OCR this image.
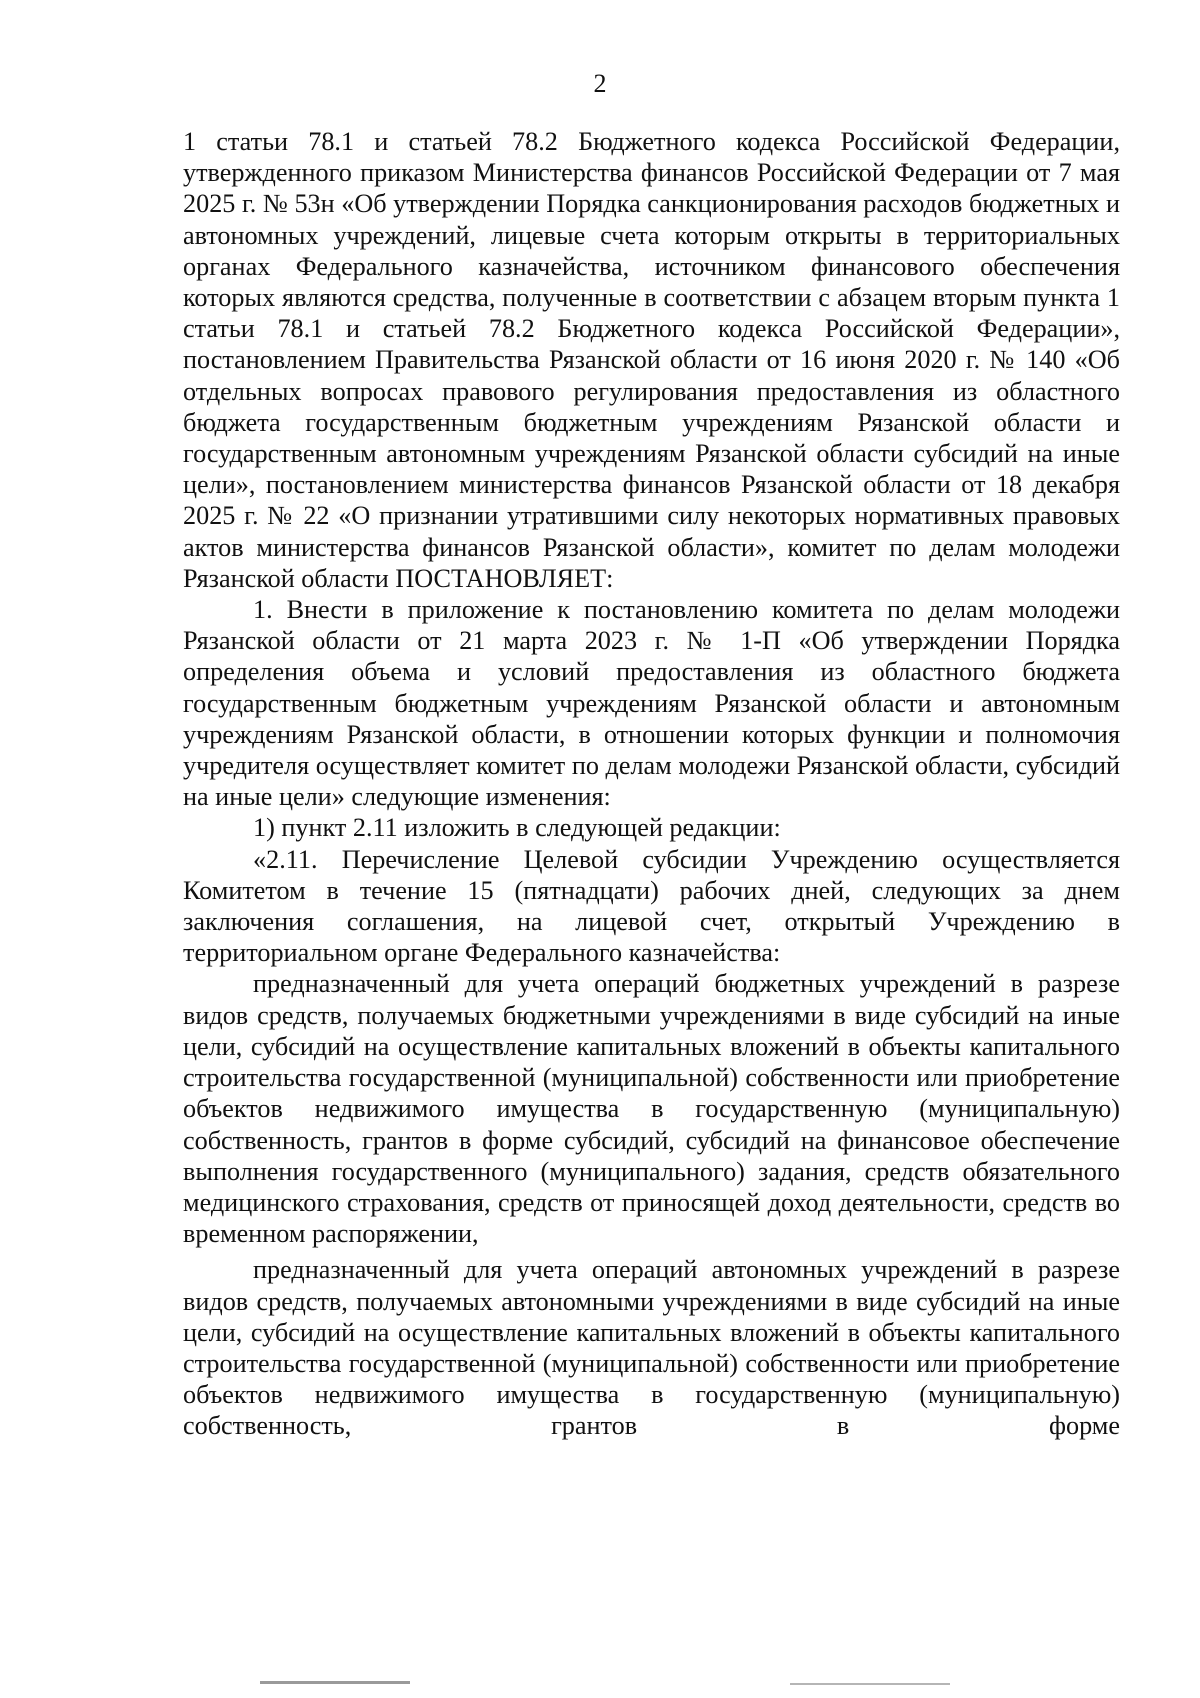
2

1 статьи 78.1 и статьей 78.2 Бюджетного кодекса Российской Федерации, утвержденного приказом Министерства финансов Российской Федерации от 7 мая 2025 г. № 53н «Об утверждении Порядка санкционирования расходов бюджетных и автономных учреждений, лицевые счета которым открыты в территориальных органах Федерального казначейства, источником финансового обеспечения которых являются средства, полученные в соответствии с абзацем вторым пункта 1 статьи 78.1 и статьей 78.2 Бюджетного кодекса Российской Федерации», постановлением Правительства Рязанской области от 16 июня 2020 г. № 140 «Об отдельных вопросах правового регулирования предоставления из областного бюджета государственным бюджетным учреждениям Рязанской области и государственным автономным учреждениям Рязанской области субсидий на иные цели», постановлением министерства финансов Рязанской области от 18 декабря 2025 г. № 22 «О признании утратившими силу некоторых нормативных правовых актов министерства финансов Рязанской области», комитет по делам молодежи Рязанской области ПОСТАНОВЛЯЕТ:

1. Внести в приложение к постановлению комитета по делам молодежи Рязанской области от 21 марта 2023 г. № 1-П «Об утверждении Порядка определения объема и условий предоставления из областного бюджета государственным бюджетным учреждениям Рязанской области и автономным учреждениям Рязанской области, в отношении которых функции и полномочия учредителя осуществляет комитет по делам молодежи Рязанской области, субсидий на иные цели» следующие изменения:

1) пункт 2.11 изложить в следующей редакции:

«2.11. Перечисление Целевой субсидии Учреждению осуществляется Комитетом в течение 15 (пятнадцати) рабочих дней, следующих за днем заключения соглашения, на лицевой счет, открытый Учреждению в территориальном органе Федерального казначейства:

предназначенный для учета операций бюджетных учреждений в разрезе видов средств, получаемых бюджетными учреждениями в виде субсидий на иные цели, субсидий на осуществление капитальных вложений в объекты капитального строительства государственной (муниципальной) собственности или приобретение объектов недвижимого имущества в государственную (муниципальную) собственность, грантов в форме субсидий, субсидий на финансовое обеспечение выполнения государственного (муниципального) задания, средств обязательного медицинского страхования, средств от приносящей доход деятельности, средств во временном распоряжении,

предназначенный для учета операций автономных учреждений в разрезе видов средств, получаемых автономными учреждениями в виде субсидий на иные цели, субсидий на осуществление капитальных вложений в объекты капитального строительства государственной (муниципальной) собственности или приобретение объектов недвижимого имущества в государственную (муниципальную) собственность, грантов в форме
